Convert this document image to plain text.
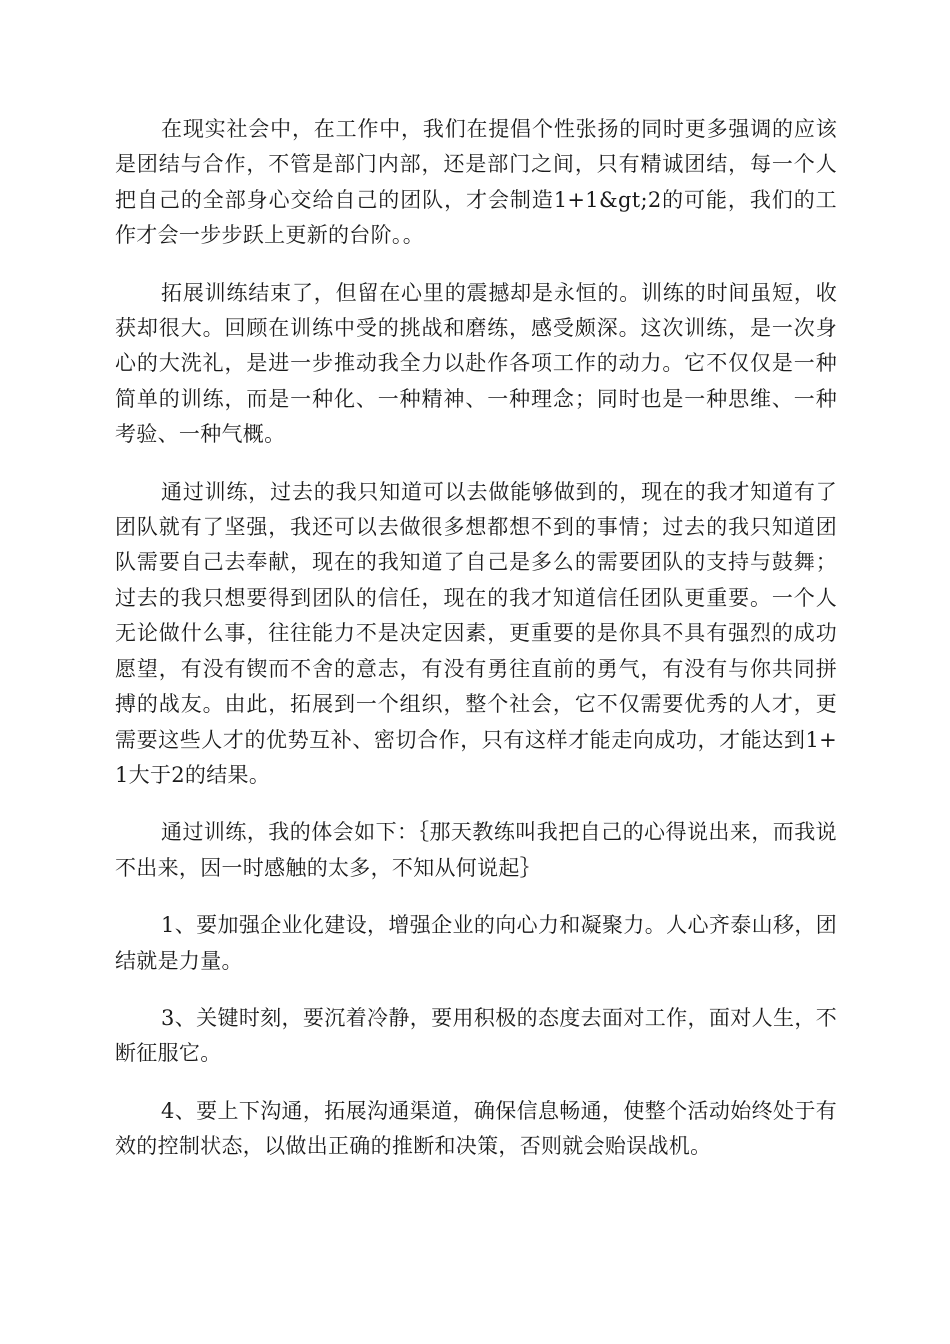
在现实社会中，在工作中，我们在提倡个性张扬的同时更多强调的应该是团结与合作，不管是部门内部，还是部门之间，只有精诚团结，每一个人把自己的全部身心交给自己的团队，才会制造1+1&gt;2的可能，我们的工作才会一步步跃上更新的台阶。。

拓展训练结束了，但留在心里的震撼却是永恒的。训练的时间虽短，收获却很大。回顾在训练中受的挑战和磨练，感受颇深。这次训练，是一次身心的大洗礼，是进一步推动我全力以赴作各项工作的动力。它不仅仅是一种简单的训练，而是一种化、一种精神、一种理念；同时也是一种思维、一种考验、一种气概。

通过训练，过去的我只知道可以去做能够做到的，现在的我才知道有了团队就有了坚强，我还可以去做很多想都想不到的事情；过去的我只知道团队需要自己去奉献，现在的我知道了自己是多么的需要团队的支持与鼓舞；过去的我只想要得到团队的信任，现在的我才知道信任团队更重要。一个人无论做什么事，往往能力不是决定因素，更重要的是你具不具有强烈的成功愿望，有没有锲而不舍的意志，有没有勇往直前的勇气，有没有与你共同拼搏的战友。由此，拓展到一个组织，整个社会，它不仅需要优秀的人才，更需要这些人才的优势互补、密切合作，只有这样才能走向成功，才能达到1+1大于2的结果。

通过训练，我的体会如下：｛那天教练叫我把自己的心得说出来，而我说不出来，因一时感触的太多，不知从何说起｝

1、要加强企业化建设，增强企业的向心力和凝聚力。人心齐泰山移，团结就是力量。

3、关键时刻，要沉着冷静，要用积极的态度去面对工作，面对人生，不断征服它。

4、要上下沟通，拓展沟通渠道，确保信息畅通，使整个活动始终处于有效的控制状态，以做出正确的推断和决策，否则就会贻误战机。
